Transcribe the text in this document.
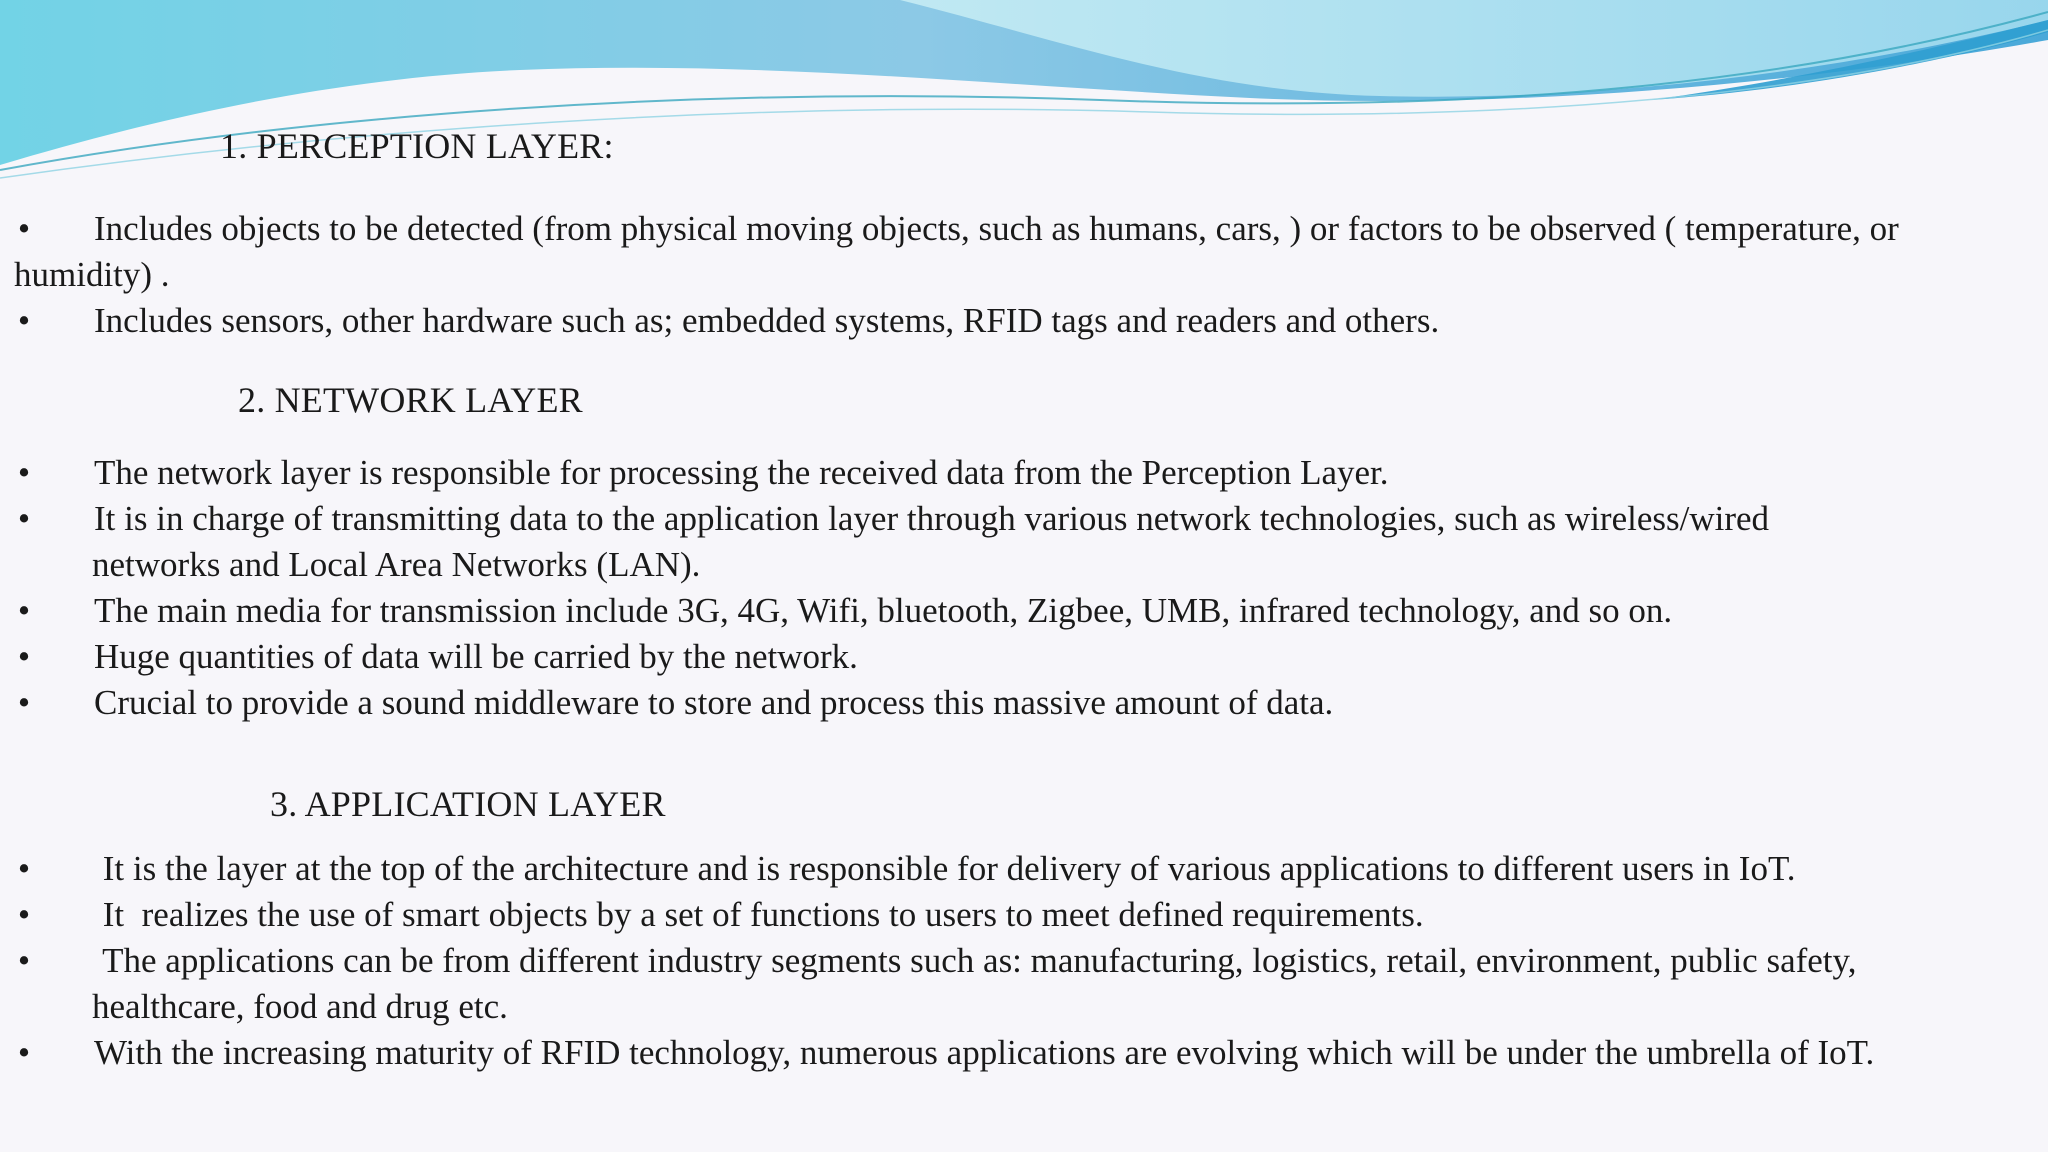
1. PERCEPTION LAYER:
• Includes objects to be detected (from physical moving objects, such as humans, cars, ) or factors to be observed ( temperature, or
humidity) .
• Includes sensors, other hardware such as; embedded systems, RFID tags and readers and others.
2. NETWORK LAYER
• The network layer is responsible for processing the received data from the Perception Layer.
• It is in charge of transmitting data to the application layer through various network technologies, such as wireless/wired
networks and Local Area Networks (LAN).
• The main media for transmission include 3G, 4G, Wifi, bluetooth, Zigbee, UMB, infrared technology, and so on.
• Huge quantities of data will be carried by the network.
• Crucial to provide a sound middleware to store and process this massive amount of data.
3. APPLICATION LAYER
• It is the layer at the top of the architecture and is responsible for delivery of various applications to different users in IoT.
• It  realizes the use of smart objects by a set of functions to users to meet defined requirements.
• The applications can be from different industry segments such as: manufacturing, logistics, retail, environment, public safety,
healthcare, food and drug etc.
• With the increasing maturity of RFID technology, numerous applications are evolving which will be under the umbrella of IoT.
